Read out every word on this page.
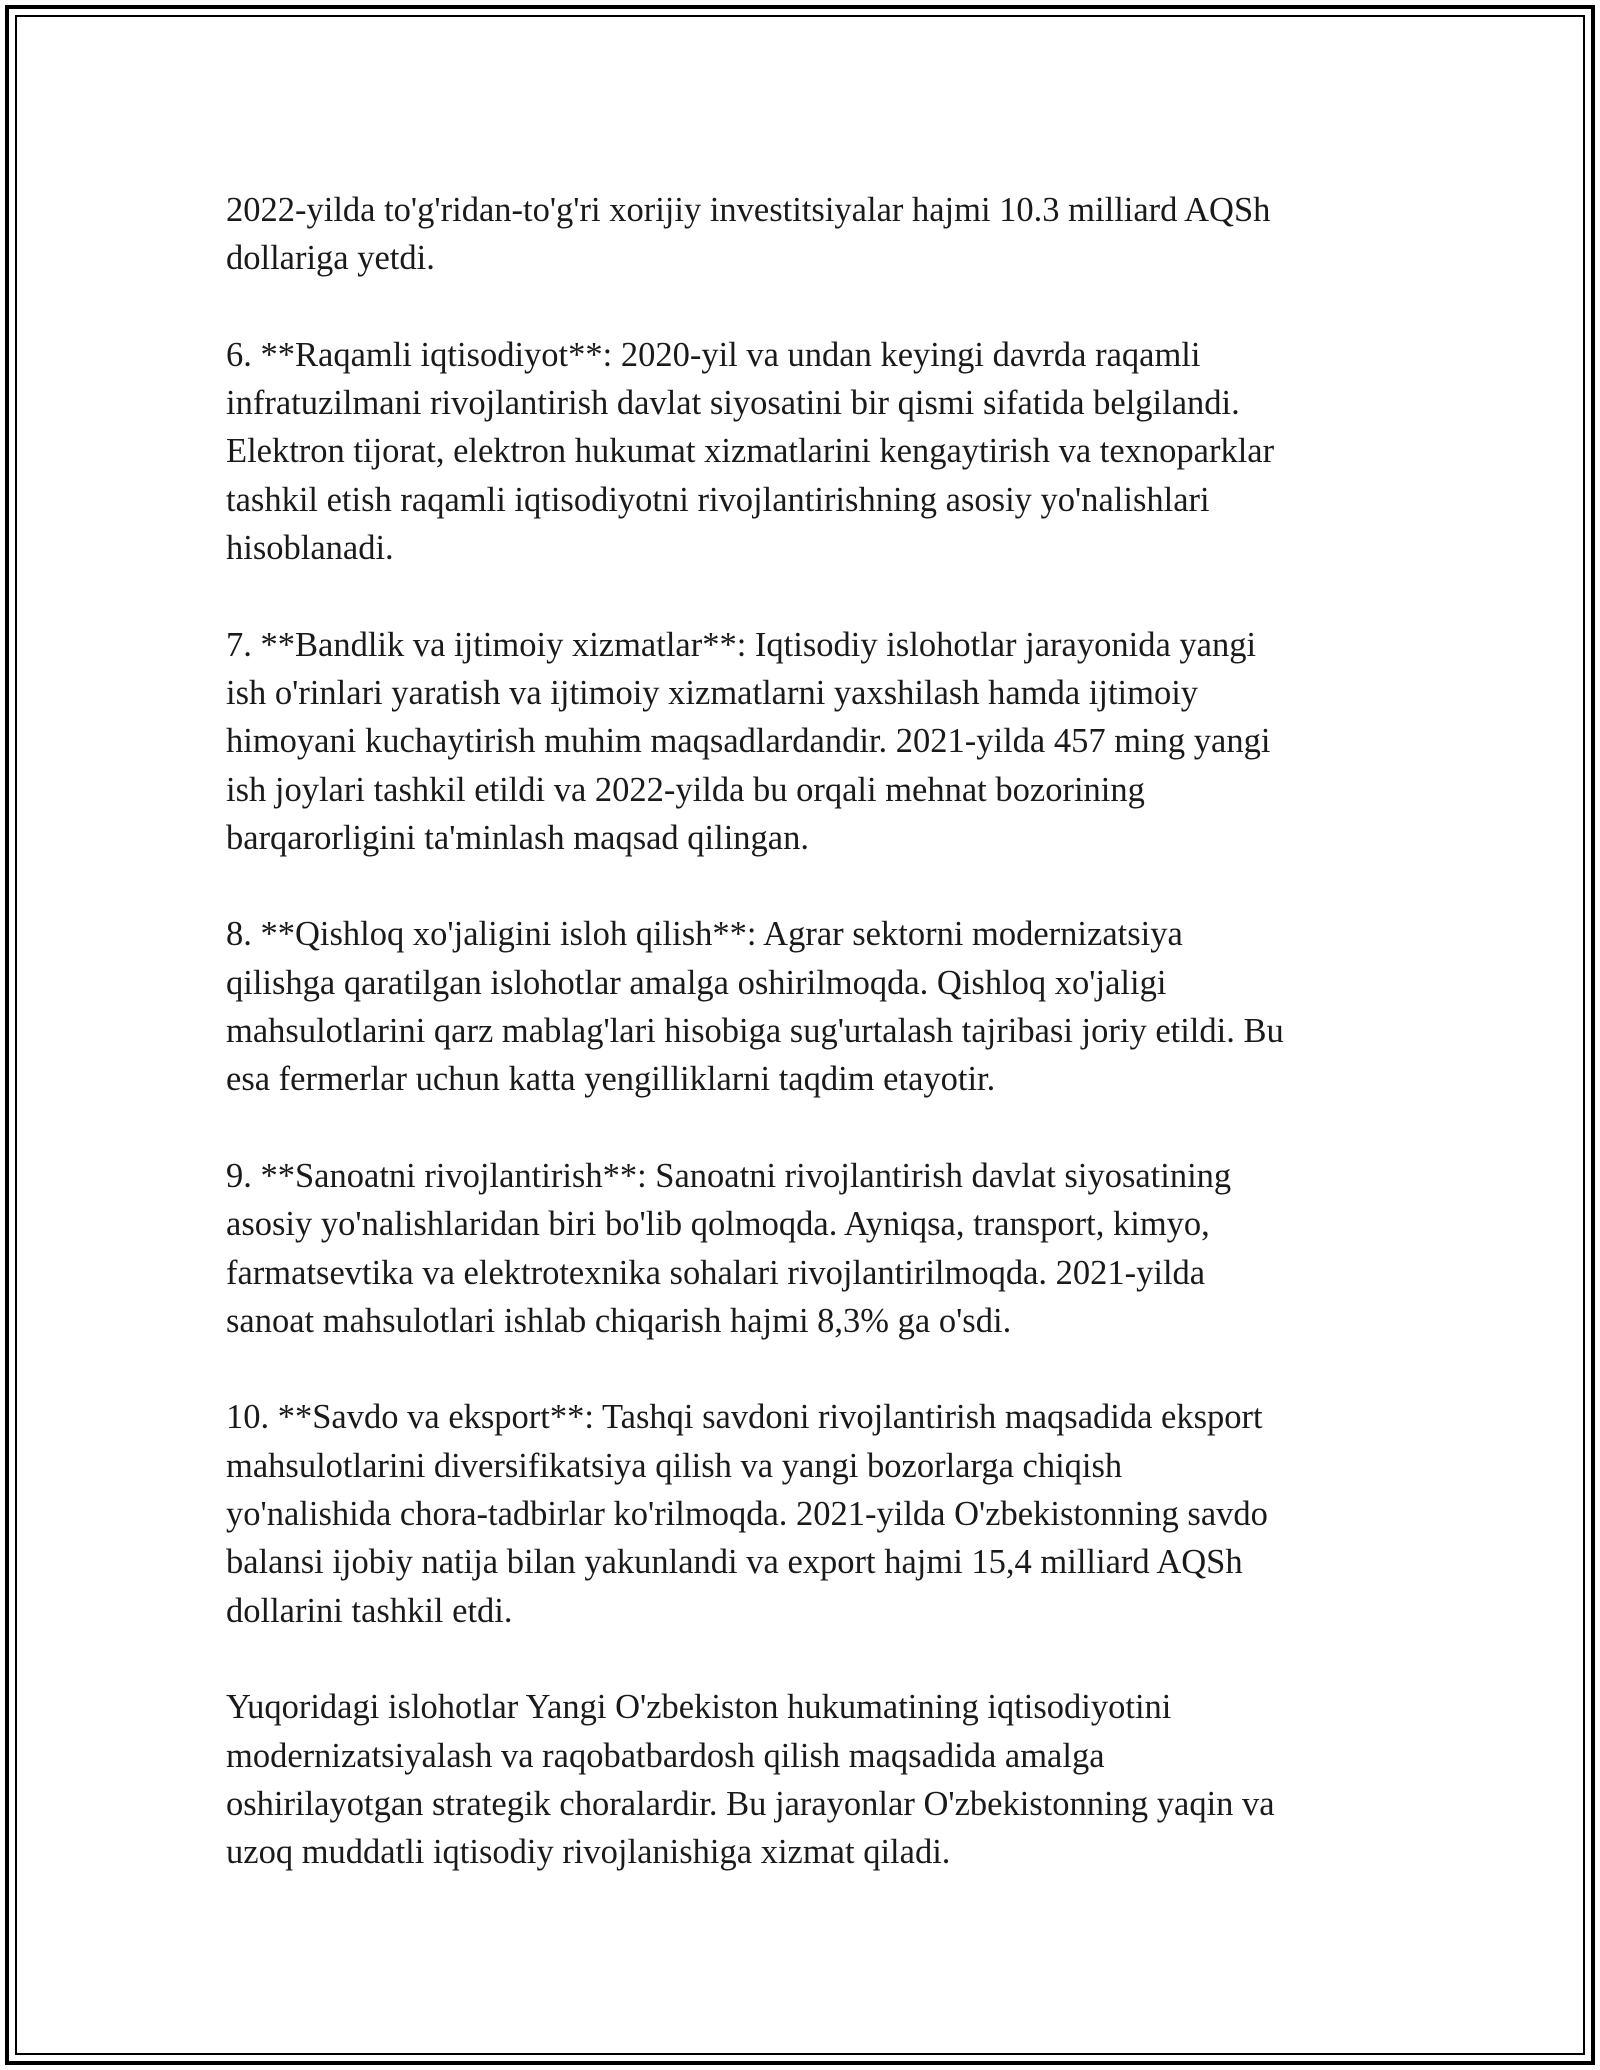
2022-yilda to'g'ridan-to'g'ri xorijiy investitsiyalar hajmi 10.3 milliard AQSh
dollariga yetdi.

6. **Raqamli iqtisodiyot**: 2020-yil va undan keyingi davrda raqamli
infratuzilmani rivojlantirish davlat siyosatini bir qismi sifatida belgilandi.
Elektron tijorat, elektron hukumat xizmatlarini kengaytirish va texnoparklar
tashkil etish raqamli iqtisodiyotni rivojlantirishning asosiy yo'nalishlari
hisoblanadi.

7. **Bandlik va ijtimoiy xizmatlar**: Iqtisodiy islohotlar jarayonida yangi
ish o'rinlari yaratish va ijtimoiy xizmatlarni yaxshilash hamda ijtimoiy
himoyani kuchaytirish muhim maqsadlardandir. 2021-yilda 457 ming yangi
ish joylari tashkil etildi va 2022-yilda bu orqali mehnat bozorining
barqarorligini ta'minlash maqsad qilingan.

8. **Qishloq xo'jaligini isloh qilish**: Agrar sektorni modernizatsiya
qilishga qaratilgan islohotlar amalga oshirilmoqda. Qishloq xo'jaligi
mahsulotlarini qarz mablag'lari hisobiga sug'urtalash tajribasi joriy etildi. Bu
esa fermerlar uchun katta yengilliklarni taqdim etayotir.

9. **Sanoatni rivojlantirish**: Sanoatni rivojlantirish davlat siyosatining
asosiy yo'nalishlaridan biri bo'lib qolmoqda. Ayniqsa, transport, kimyo,
farmatsevtika va elektrotexnika sohalari rivojlantirilmoqda. 2021-yilda
sanoat mahsulotlari ishlab chiqarish hajmi 8,3% ga o'sdi.

10. **Savdo va eksport**: Tashqi savdoni rivojlantirish maqsadida eksport
mahsulotlarini diversifikatsiya qilish va yangi bozorlarga chiqish
yo'nalishida chora-tadbirlar ko'rilmoqda. 2021-yilda O'zbekistonning savdo
balansi ijobiy natija bilan yakunlandi va export hajmi 15,4 milliard AQSh
dollarini tashkil etdi.

Yuqoridagi islohotlar Yangi O'zbekiston hukumatining iqtisodiyotini
modernizatsiyalash va raqobatbardosh qilish maqsadida amalga
oshirilayotgan strategik choralardir. Bu jarayonlar O'zbekistonning yaqin va
uzoq muddatli iqtisodiy rivojlanishiga xizmat qiladi.
